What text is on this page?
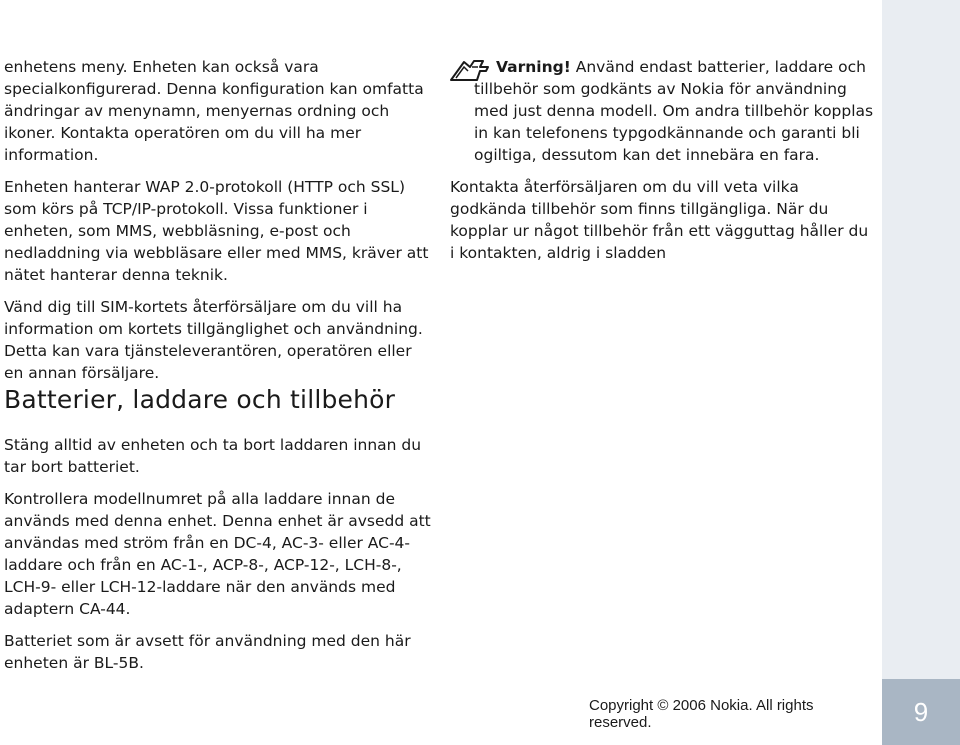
enhetens meny. Enheten kan också vara specialkonfigurerad. Denna konfiguration kan omfatta ändringar av menynamn, menyernas ordning och ikoner. Kontakta operatören om du vill ha mer information.

Enheten hanterar WAP 2.0-protokoll (HTTP och SSL) som körs på TCP/IP-protokoll. Vissa funktioner i enheten, som MMS, webbläsning, e-post och nedladdning via webbläsare eller med MMS, kräver att nätet hanterar denna teknik.

Vänd dig till SIM-kortets återförsäljare om du vill ha information om kortets tillgänglighet och användning. Detta kan vara tjänsteleverantören, operatören eller en annan försäljare.

Batterier, laddare och tillbehör

Stäng alltid av enheten och ta bort laddaren innan du tar bort batteriet.

Kontrollera modellnumret på alla laddare innan de används med denna enhet. Denna enhet är avsedd att användas med ström från en DC-4, AC-3- eller AC-4-laddare och från en AC-1-, ACP-8-, ACP-12-, LCH-8-, LCH-9- eller LCH-12-laddare när den används med adaptern CA-44.

Batteriet som är avsett för användning med den här enheten är BL-5B.

Varning! Använd endast batterier, laddare och tillbehör som godkänts av Nokia för användning med just denna modell. Om andra tillbehör kopplas in kan telefonens typgodkännande och garanti bli ogiltiga, dessutom kan det innebära en fara.

Kontakta återförsäljaren om du vill veta vilka godkända tillbehör som finns tillgängliga. När du kopplar ur något tillbehör från ett vägguttag håller du i kontakten, aldrig i sladden

Copyright © 2006 Nokia. All rights reserved.	9
